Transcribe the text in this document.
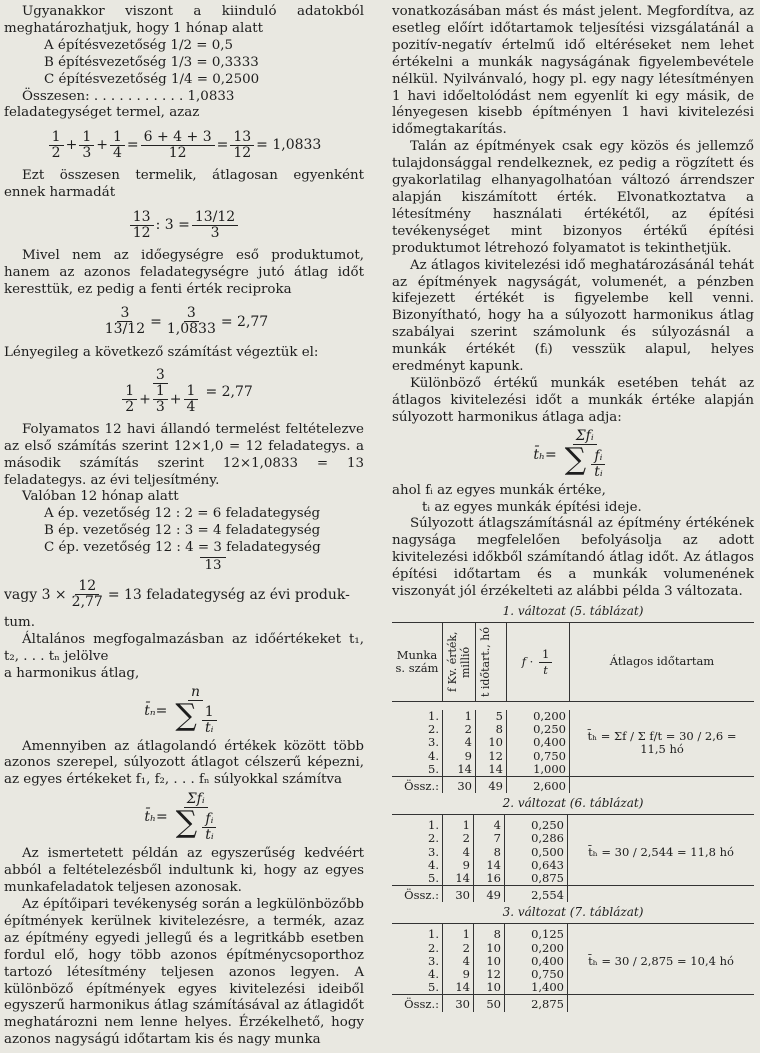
Ugyanakkor viszont a kiinduló adatokból meghatározhatjuk, hogy 1 hónap alatt

A építésvezetőség 1/2 = 0,5
B építésvezetőség 1/3 = 0,3333
C építésvezetőség 1/4 = 0,2500
Összesen: . . . . . . . . . . . 1,0833

feladategységet termel, azaz

$\frac{1}{2} + \frac{1}{3} + \frac{1}{4} = \frac{6 + 4 + 3}{12} = \frac{13}{12} = 1,0833$

Ezt összesen termelik, átlagosan egyenként ennek harmadát

$\frac{13}{12}$ : $3 = \frac{13/12}{3}$

Mivel nem az időegységre eső produktumot, hanem az azonos feladategységre jutó átlag időt keresttük, ez pedig a fenti érték reciproka

$\frac{3}{13/12} = \frac{3}{1,0833} = 2,77$

Lényegileg a következő számítást végeztük el:

$\frac{3}{\frac{1}{2} + \frac{1}{3} + \frac{1}{4}} = 2,77$

Folyamatos 12 havi állandó termelést feltételezve az első számítás szerint 12×1,0 = 12 feladategys. a második számítás szerint 12×1,0833 = 13 feladategys. az évi teljesítmény.

Valóban 12 hónap alatt

A ép. vezetőség 12 : 2 = 6 feladategység
B ép. vezetőség 12 : 3 = 4 feladategység
C ép. vezetőség 12 : 4 = 3 feladategység
13
vagy $3 \times \frac{12}{2,77} = 13$ feladategység az évi produk-

tum.

Általános megfogalmazásban az időértékeket t₁, t₂, . . . tₙ jelölve

a harmonikus átlag,

t̄ₙ = $\frac{n}{\sum \frac{1}{\text{tᵢ}}}$

Amennyiben az átlagolandó értékek között több azonos szerepel, súlyozott átlagot célszerű képezni, az egyes értékeket f₁, f₂, . . . fₙ súlyokkal számítva

t̄ₕ = $\frac{\text{Σfᵢ}}{\sum \frac{\text{fᵢ}}{\text{tᵢ}}}$

Az ismertetett példán az egyszerűség kedvéért abból a feltételezésből indultunk ki, hogy az egyes munkafeladatok teljesen azonosak.

Az építőipari tevékenység során a legkülönbözőbb építmények kerülnek kivitelezésre, a termék, azaz az építmény egyedi jellegű és a legritkább esetben fordul elő, hogy több azonos építménycsoporthoz tartozó létesítmény teljesen azonos legyen. A különböző építmények egyes kivitelezési ideiből egyszerű harmonikus átlag számításával az átlagidőt meghatározni nem lenne helyes. Érzékelhető, hogy azonos nagyságú időtartam kis és nagy munka

vonatkozásában mást és mást jelent. Megfordítva, az esetleg előírt időtartamok teljesítési vizsgálatánál a pozitív-negatív értelmű idő eltéréseket nem lehet értékelni a munkák nagyságának figyelembevétele nélkül. Nyilvánvaló, hogy pl. egy nagy létesítményen 1 havi időeltolódást nem egyenlít ki egy másik, de lényegesen kisebb építményen 1 havi kivitelezési időmegtakarítás.

Talán az építmények csak egy közös és jellemző tulajdonsággal rendelkeznek, ez pedig a rögzített és gyakorlatilag elhanyagolhatóan változó árrendszer alapján kiszámított érték. Elvonatkoztatva a létesítmény használati értékétől, az építési tevékenységet mint bizonyos értékű építési produktumot létrehozó folyamatot is tekinthetjük.

Az átlagos kivitelezési idő meghatározásánál tehát az építmények nagyságát, volumenét, a pénzben kifejezett értékét is figyelembe kell venni. Bizonyítható, hogy ha a súlyozott harmonikus átlag szabályai szerint számolunk és súlyozásnál a munkák értékét (fᵢ) vesszük alapul, helyes eredményt kapunk.

Különböző értékű munkák esetében tehát az átlagos kivitelezési időt a munkák értéke alapján súlyozott harmonikus átlaga adja:

t̄ₕ = $\frac{\text{Σfᵢ}}{\sum \frac{\text{fᵢ}}{\text{tᵢ}}}$

ahol fᵢ az egyes munkák értéke,

tᵢ az egyes munkák építési ideje.

Súlyozott átlagszámításnál az építmény értékének nagysága megfelelően befolyásolja az adott kivitelezési időkből számítandó átlag időt. Az átlagos építési időtartam és a munkák volumenének viszonyát jól érzékelteti az alábbi példa 3 változata.

1. változat (5. táblázat)
Munka s. szám	f Kv. érték, millió	t időtart., hó	$f \cdot \frac{1}{t}$	Átlagos időtartam

1.	1	5	0,200	t̄ₕ = Σf / Σ f/t = 30 / 2,6 = 11,5 hó
2.	2	8	0,250	
3.	4	10	0,400	
4.	9	12	0,750	
5.	14	14	1,000	
Össz.:	30	49	2,600	
2. változat (6. táblázat)

1.	1	4	0,250	t̄ₕ = 30 / 2,544 = 11,8 hó
2.	2	7	0,286	
3.	4	8	0,500	
4.	9	14	0,643	
5.	14	16	0,875	
Össz.:	30	49	2,554	
3. változat (7. táblázat)

1.	1	8	0,125	t̄ₕ = 30 / 2,875 = 10,4 hó
2.	2	10	0,200	
3.	4	10	0,400	
4.	9	12	0,750	
5.	14	10	1,400	
Össz.:	30	50	2,875	
